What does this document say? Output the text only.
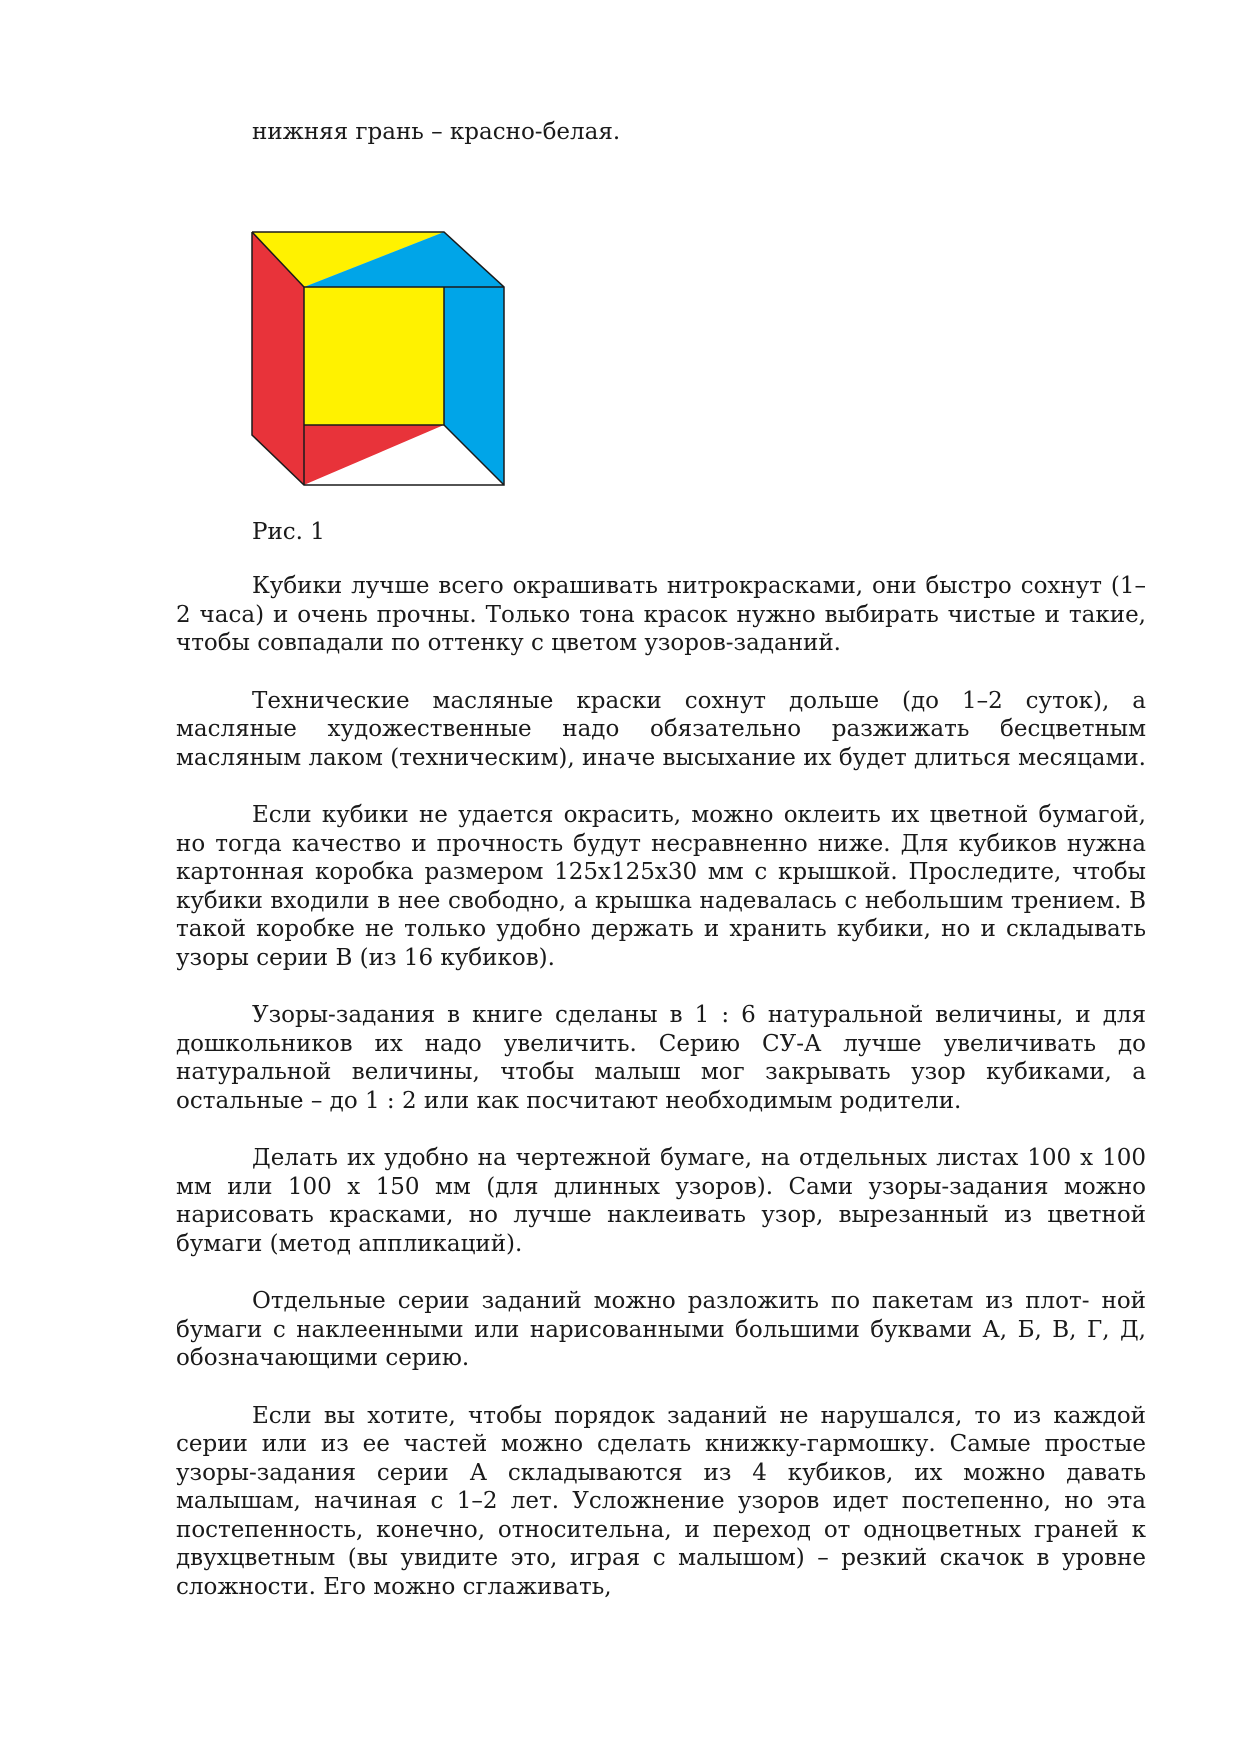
нижняя грань – красно-белая.

Рис. 1

Кубики лучше всего окрашивать нитрокрасками, они быстро сохнут (1–2 часа) и очень прочны. Только тона красок нужно выбирать чистые и такие, чтобы совпадали по оттенку с цветом узоров-заданий.

Технические масляные краски сохнут дольше (до 1–2 суток), а масляные художественные надо обязательно разжижать бесцветным масляным лаком (техническим), иначе высыхание их будет длиться месяцами.

Если кубики не удается окрасить, можно оклеить их цветной бумагой, но тогда качество и прочность будут несравненно ниже. Для кубиков нужна картонная коробка размером 125х125х30 мм с крышкой. Проследите, чтобы кубики входили в нее свободно, а крышка надевалась с небольшим трением. В такой коробке не только удобно держать и хранить кубики, но и складывать узоры серии В (из 16 кубиков).

Узоры-задания в книге сделаны в 1 : 6 натуральной величины, и для дошкольников их надо увеличить. Серию СУ-А лучше увеличивать до натуральной величины, чтобы малыш мог закрывать узор кубиками, а остальные – до 1 : 2 или как посчитают необходимым родители.

Делать их удобно на чертежной бумаге, на отдельных листах 100 х 100 мм или 100 х 150 мм (для длинных узоров). Сами узоры-задания можно нарисовать красками, но лучше наклеивать узор, вырезанный из цветной бумаги (метод аппликаций).

Отдельные серии заданий можно разложить по пакетам из плот- ной бумаги с наклеенными или нарисованными большими буквами А, Б, В, Г, Д, обозначающими серию.

Если вы хотите, чтобы порядок заданий не нарушался, то из каждой серии или из ее частей можно сделать книжку-гармошку. Самые простые узоры-задания серии А складываются из 4 кубиков, их можно давать малышам, начиная с 1–2 лет. Усложнение узоров идет постепенно, но эта постепенность, конечно, относительна, и переход от одноцветных граней к двухцветным (вы увидите это, играя с малышом) – резкий скачок в уровне сложности. Его можно сглаживать,
